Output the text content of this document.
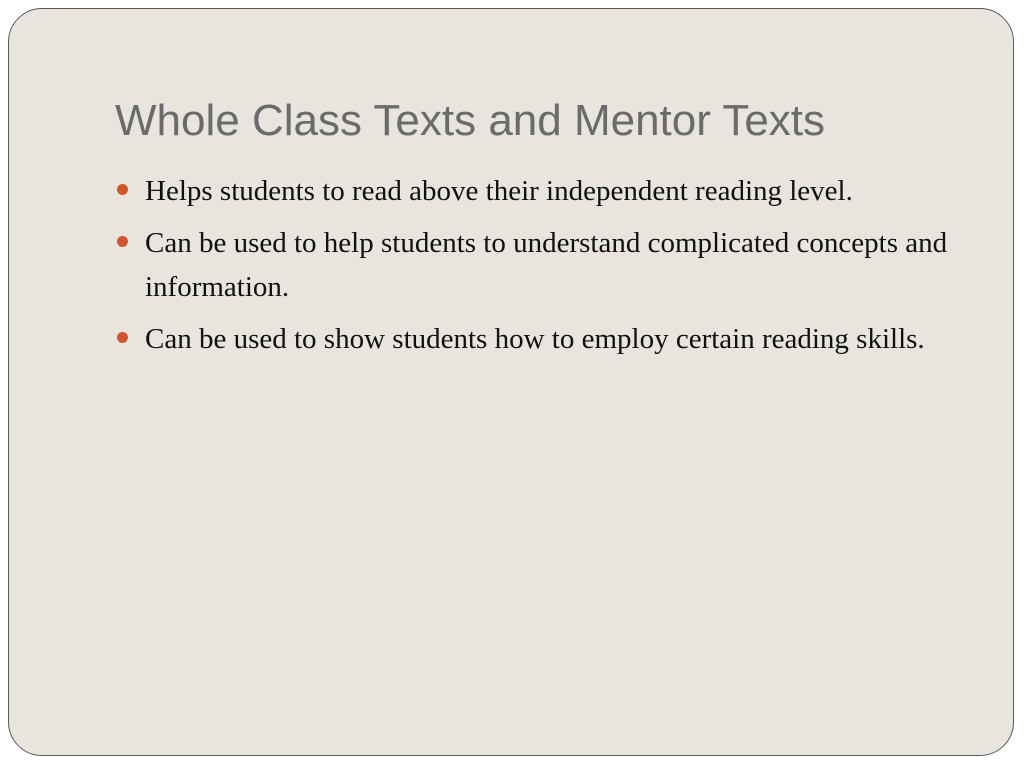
Whole Class Texts and Mentor Texts
Helps students to read above their independent reading level.
Can be used to help students to understand complicated concepts and information.
Can be used to show students how to employ certain reading skills.
